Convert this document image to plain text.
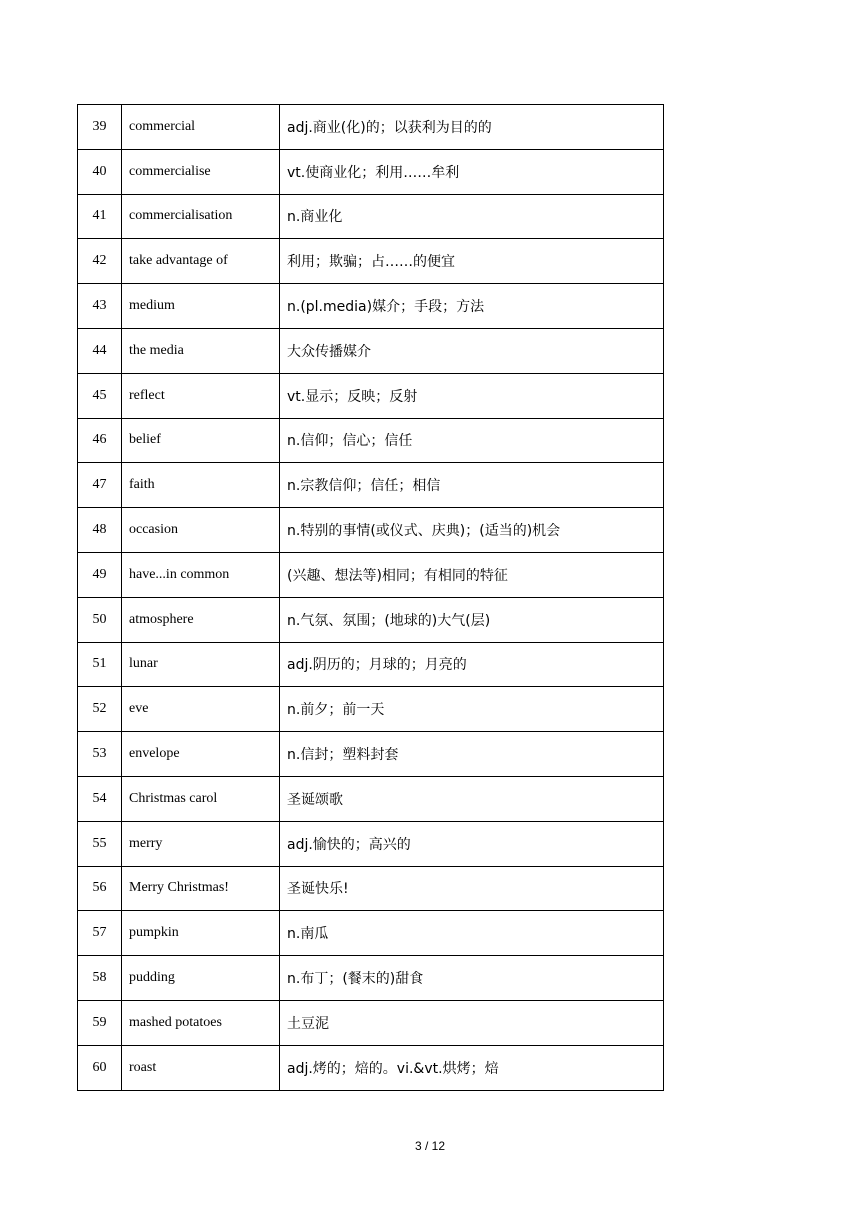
39	commercial	adj.商业(化)的；以获利为目的的
40	commercialise	vt.使商业化；利用……牟利
41	commercialisation	n.商业化
42	take advantage of	利用；欺骗；占……的便宜
43	medium	n.(pl.media)媒介；手段；方法
44	the media	大众传播媒介
45	reflect	vt.显示；反映；反射
46	belief	n.信仰；信心；信任
47	faith	n.宗教信仰；信任；相信
48	occasion	n.特别的事情(或仪式、庆典)；(适当的)机会
49	have...in common	(兴趣、想法等)相同；有相同的特征
50	atmosphere	n.气氛、氛围；(地球的)大气(层)
51	lunar	adj.阴历的；月球的；月亮的
52	eve	n.前夕；前一天
53	envelope	n.信封；塑料封套
54	Christmas carol	圣诞颂歌
55	merry	adj.愉快的；高兴的
56	Merry Christmas!	圣诞快乐!
57	pumpkin	n.南瓜
58	pudding	n.布丁；(餐末的)甜食
59	mashed potatoes	土豆泥
60	roast	adj.烤的；焙的。vi.&vt.烘烤；焙
3 / 12
